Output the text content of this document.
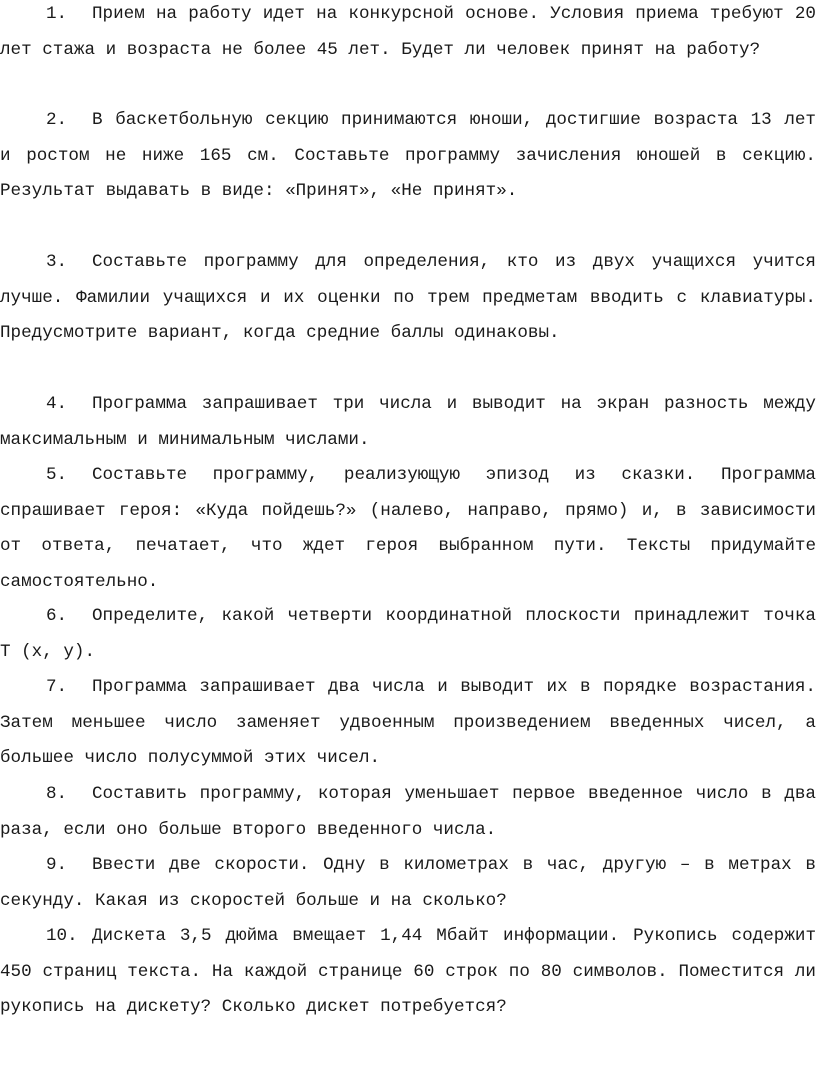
1. Прием на работу идет на конкурсной основе. Условия приема требуют 20 лет стажа и возраста не более 45 лет. Будет ли человек принят на работу?

2. В баскетбольную секцию принимаются юноши, достигшие возраста 13 лет и ростом не ниже 165 см. Составьте программу зачисления юношей в секцию. Результат выдавать в виде: «Принят», «Не принят».

3. Составьте программу для определения, кто из двух учащихся учится лучше. Фамилии учащихся и их оценки по трем предметам вводить с клавиатуры. Предусмотрите вариант, когда средние баллы одинаковы.

4. Программа запрашивает три числа и выводит на экран разность между максимальным и минимальным числами.

5. Составьте программу, реализующую эпизод из сказки. Программа спрашивает героя: «Куда пойдешь?» (налево, направо, прямо) и, в зависимости от ответа, печатает, что ждет героя выбранном пути. Тексты придумайте самостоятельно.

6. Определите, какой четверти координатной плоскости принадлежит точка Т (x, y).

7. Программа запрашивает два числа и выводит их в порядке возрастания. Затем меньшее число заменяет удвоенным произведением введенных чисел, а большее число полусуммой этих чисел.

8. Составить программу, которая уменьшает первое введенное число в два раза, если оно больше второго введенного числа.

9. Ввести две скорости. Одну в километрах в час, другую – в метрах в секунду. Какая из скоростей больше и на сколько?

10. Дискета 3,5 дюйма вмещает 1,44 Мбайт информации. Рукопись содержит 450 страниц текста. На каждой странице 60 строк по 80 символов. Поместится ли рукопись на дискету? Сколько дискет потребуется?
